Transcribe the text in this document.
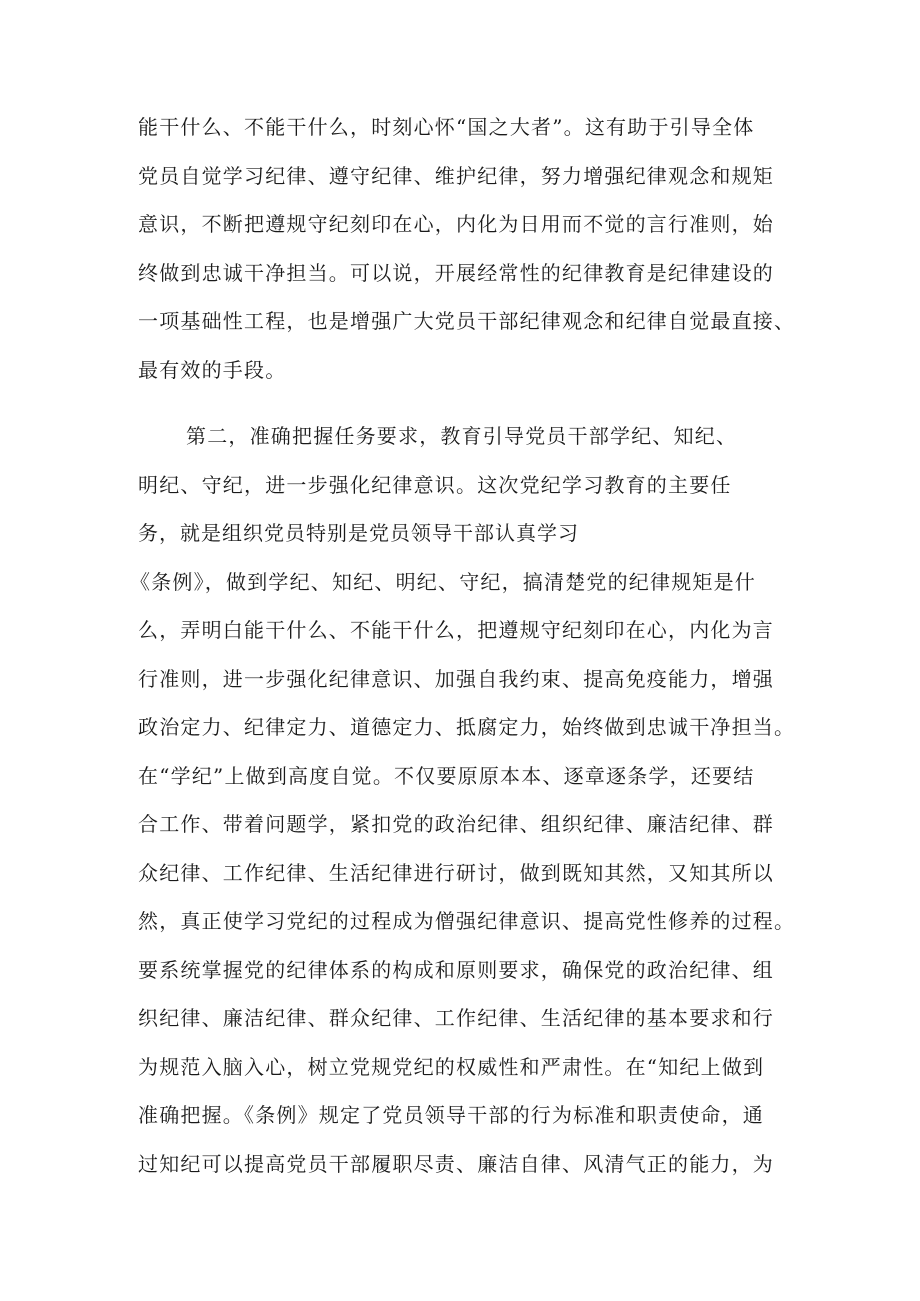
能干什么、不能干什么，时刻心怀“国之大者”。这有助于引导全体
党员自觉学习纪律、遵守纪律、维护纪律，努力增强纪律观念和规矩
意识，不断把遵规守纪刻印在心，内化为日用而不觉的言行准则，始
终做到忠诚干净担当。可以说，开展经常性的纪律教育是纪律建设的
一项基础性工程，也是增强广大党员干部纪律观念和纪律自觉最直接、
最有效的手段。
第二，准确把握任务要求，教育引导党员干部学纪、知纪、
明纪、守纪，进一步强化纪律意识。这次党纪学习教育的主要任
务，就是组织党员特别是党员领导干部认真学习
《条例》，做到学纪、知纪、明纪、守纪，搞清楚党的纪律规矩是什
么，弄明白能干什么、不能干什么，把遵规守纪刻印在心，内化为言
行准则，进一步强化纪律意识、加强自我约束、提高免疫能力，增强
政治定力、纪律定力、道德定力、抵腐定力，始终做到忠诚干净担当。
在“学纪”上做到高度自觉。不仅要原原本本、逐章逐条学，还要结
合工作、带着问题学，紧扣党的政治纪律、组织纪律、廉洁纪律、群
众纪律、工作纪律、生活纪律进行研讨，做到既知其然，又知其所以
然，真正使学习党纪的过程成为僧强纪律意识、提高党性修养的过程。
要系统掌握党的纪律体系的构成和原则要求，确保党的政治纪律、组
织纪律、廉洁纪律、群众纪律、工作纪律、生活纪律的基本要求和行
为规范入脑入心，树立党规党纪的权威性和严肃性。在“知纪上做到
准确把握。《条例》规定了党员领导干部的行为标准和职责使命，通
过知纪可以提高党员干部履职尽责、廉洁自律、风清气正的能力，为
